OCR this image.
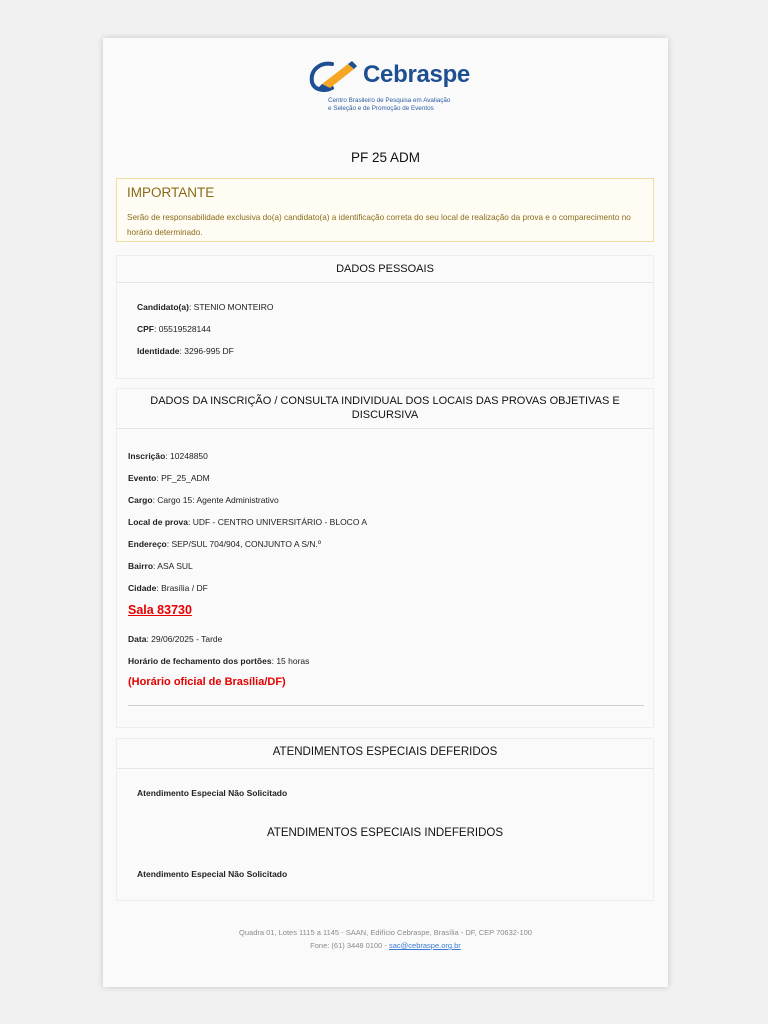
Cebraspe
Centro Brasileiro de Pesquisa em Avaliação
e Seleção e de Promoção de Eventos
PF 25 ADM
IMPORTANTE
Serão de responsabilidade exclusiva do(a) candidato(a) a identificação correta do seu local de realização da prova e o comparecimento no horário determinado.
DADOS PESSOAIS
Candidato(a): STENIO MONTEIRO
CPF: 05519528144
Identidade: 3296-995 DF
DADOS DA INSCRIÇÃO / CONSULTA INDIVIDUAL DOS LOCAIS DAS PROVAS OBJETIVAS E DISCURSIVA
Inscrição: 10248850
Evento: PF_25_ADM
Cargo: Cargo 15: Agente Administrativo
Local de prova: UDF - CENTRO UNIVERSITÁRIO - BLOCO A
Endereço: SEP/SUL 704/904, CONJUNTO A S/N.º
Bairro: ASA SUL
Cidade: Brasília / DF
Sala 83730
Data: 29/06/2025 - Tarde
Horário de fechamento dos portões: 15 horas
(Horário oficial de Brasília/DF)
ATENDIMENTOS ESPECIAIS DEFERIDOS
Atendimento Especial Não Solicitado
ATENDIMENTOS ESPECIAIS INDEFERIDOS
Atendimento Especial Não Solicitado
Quadra 01, Lotes 1115 a 1145 - SAAN, Edifício Cebraspe, Brasília - DF, CEP 70632-100
Fone: (61) 3448 0100 - sac@cebraspe.org.br
